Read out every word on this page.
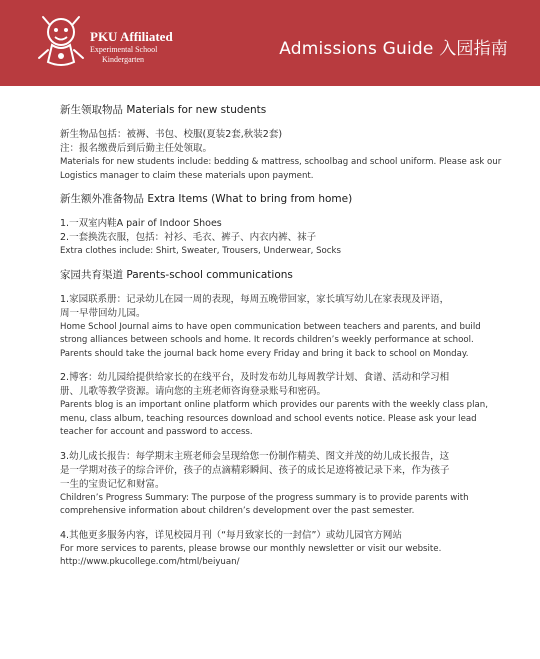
PKU Affiliated
Experimental School
Kindergarten
Admissions Guide 入园指南
新生领取物品 Materials for new students

新生物品包括：被褥、书包、校服(夏装2套,秋装2套)
注：报名缴费后到后勤主任处领取。

Materials for new students include: bedding & mattress, schoolbag and school uniform. Please ask our
Logistics manager to claim these materials upon payment.

新生额外准备物品 Extra Items (What to bring from home)

1.一双室内鞋A pair of Indoor Shoes
2.一套换洗衣服，包括：衬衫、毛衣、裤子、内衣内裤、袜子

Extra clothes include: Shirt, Sweater, Trousers, Underwear, Socks

家园共育渠道 Parents-school communications

1.家园联系册：记录幼儿在园一周的表现，每周五晚带回家，家长填写幼儿在家表现及评语，
周一早带回幼儿园。

Home School Journal aims to have open communication between teachers and parents, and build
strong alliances between schools and home. It records children’s weekly performance at school.
Parents should take the journal back home every Friday and bring it back to school on Monday.

2.博客：幼儿园给提供给家长的在线平台，及时发布幼儿每周教学计划、食谱、活动和学习相
册、儿歌等教学资源。请向您的主班老师咨询登录账号和密码。

Parents blog is an important online platform which provides our parents with the weekly class plan,
menu, class album, teaching resources download and school events notice. Please ask your lead
teacher for account and password to access.

3.幼儿成长报告：每学期末主班老师会呈现给您一份制作精美、图文并茂的幼儿成长报告，这
是一学期对孩子的综合评价，孩子的点滴精彩瞬间、孩子的成长足迹将被记录下来，作为孩子
一生的宝贵记忆和财富。

Children’s Progress Summary: The purpose of the progress summary is to provide parents with
comprehensive information about children’s development over the past semester.

4.其他更多服务内容，详见校园月刊（“每月致家长的一封信”）或幼儿园官方网站

For more services to parents, please browse our monthly newsletter or visit our website.
http://www.pkucollege.com/html/beiyuan/
